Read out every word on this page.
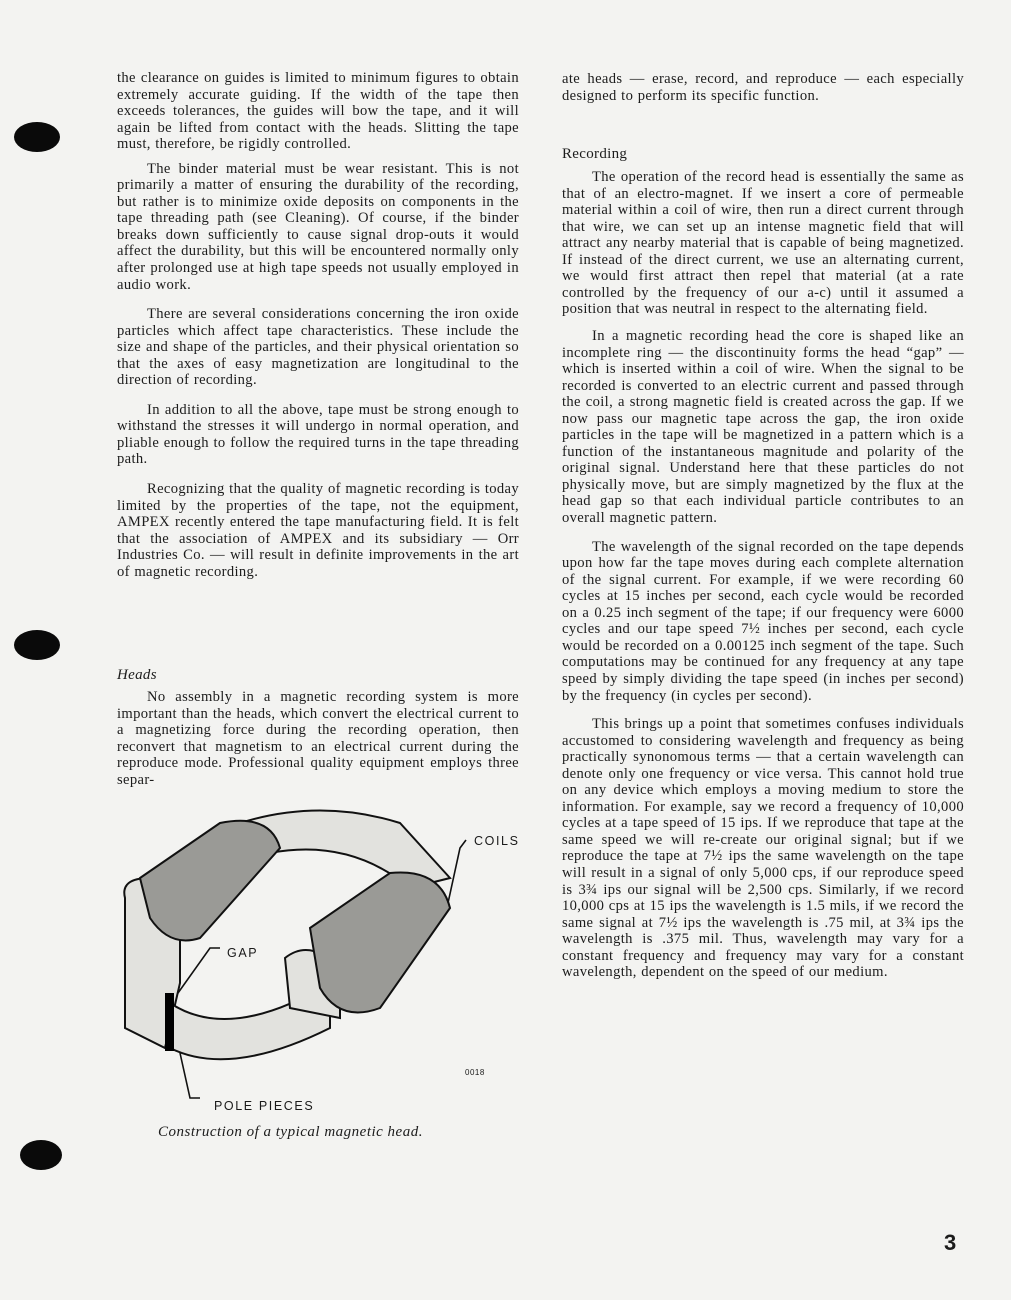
the clearance on guides is limited to minimum figures to obtain extremely accurate guiding. If the width of the tape then exceeds tolerances, the guides will bow the tape, and it will again be lifted from contact with the heads. Slitting the tape must, therefore, be rigidly controlled.

The binder material must be wear resistant. This is not primarily a matter of ensuring the durability of the recording, but rather is to minimize oxide deposits on components in the tape threading path (see Cleaning). Of course, if the binder breaks down sufficiently to cause signal drop-outs it would affect the durability, but this will be encountered normally only after prolonged use at high tape speeds not usually employed in audio work.

There are several considerations concerning the iron oxide particles which affect tape characteristics. These include the size and shape of the particles, and their physical orientation so that the axes of easy magnetization are longitudinal to the direction of recording.

In addition to all the above, tape must be strong enough to withstand the stresses it will undergo in normal operation, and pliable enough to follow the required turns in the tape threading path.

Recognizing that the quality of magnetic recording is today limited by the properties of the tape, not the equipment, AMPEX recently entered the tape manufacturing field. It is felt that the association of AMPEX and its subsidiary — Orr Industries Co. — will result in definite improvements in the art of magnetic recording.

Heads

No assembly in a magnetic recording system is more important than the heads, which convert the electrical current to a magnetizing force during the recording operation, then reconvert that magnetism to an electrical current during the reproduce mode. Professional quality equipment employs three separ-

COILS
GAP
POLE PIECES
0018
Construction of a typical magnetic head.

ate heads — erase, record, and reproduce — each especially designed to perform its specific function.

Recording

The operation of the record head is essentially the same as that of an electro-magnet. If we insert a core of permeable material within a coil of wire, then run a direct current through that wire, we can set up an intense magnetic field that will attract any nearby material that is capable of being magnetized. If instead of the direct current, we use an alternating current, we would first attract then repel that material (at a rate controlled by the frequency of our a-c) until it assumed a position that was neutral in respect to the alternating field.

In a magnetic recording head the core is shaped like an incomplete ring — the discontinuity forms the head “gap” — which is inserted within a coil of wire. When the signal to be recorded is converted to an electric current and passed through the coil, a strong magnetic field is created across the gap. If we now pass our magnetic tape across the gap, the iron oxide particles in the tape will be magnetized in a pattern which is a function of the instantaneous magnitude and polarity of the original signal. Understand here that these particles do not physically move, but are simply magnetized by the flux at the head gap so that each individual particle contributes to an overall magnetic pattern.

The wavelength of the signal recorded on the tape depends upon how far the tape moves during each complete alternation of the signal current. For example, if we were recording 60 cycles at 15 inches per second, each cycle would be recorded on a 0.25 inch segment of the tape; if our frequency were 6000 cycles and our tape speed 7½ inches per second, each cycle would be recorded on a 0.00125 inch segment of the tape. Such computations may be continued for any frequency at any tape speed by simply dividing the tape speed (in inches per second) by the frequency (in cycles per second).

This brings up a point that sometimes confuses individuals accustomed to considering wavelength and frequency as being practically synonomous terms — that a certain wavelength can denote only one frequency or vice versa. This cannot hold true on any device which employs a moving medium to store the information. For example, say we record a frequency of 10,000 cycles at a tape speed of 15 ips. If we reproduce that tape at the same speed we will re-create our original signal; but if we reproduce the tape at 7½ ips the same wavelength on the tape will result in a signal of only 5,000 cps, if our reproduce speed is 3¾ ips our signal will be 2,500 cps. Similarly, if we record 10,000 cps at 15 ips the wavelength is 1.5 mils, if we record the same signal at 7½ ips the wavelength is .75 mil, at 3¾ ips the wavelength is .375 mil. Thus, wavelength may vary for a constant frequency and frequency may vary for a constant wavelength, dependent on the speed of our medium.

3
